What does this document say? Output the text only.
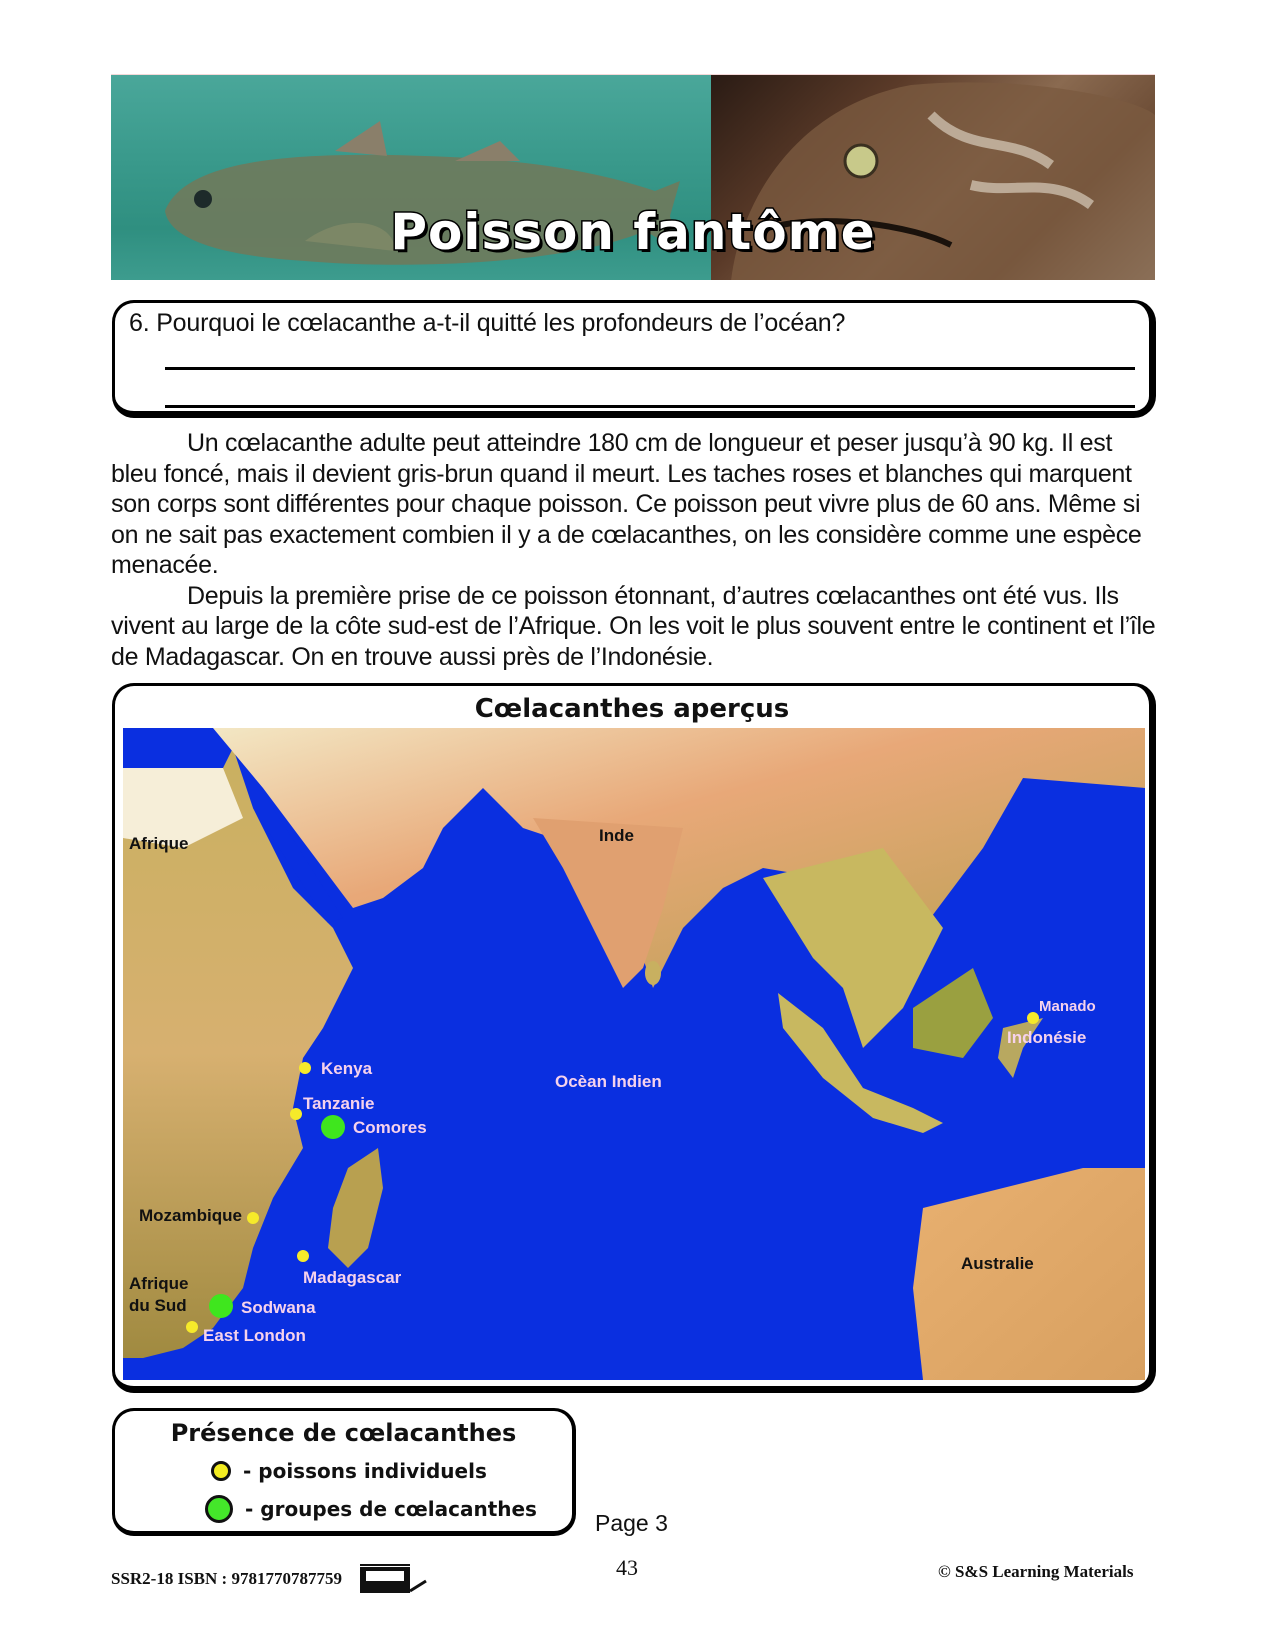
Poisson fantôme
6. Pourquoi le cœlacanthe a-t-il quitté les profondeurs de l’océan?

Un cœlacanthe adulte peut atteindre 180 cm de longueur et peser jusqu’à 90 kg. Il est bleu foncé, mais il devient gris-brun quand il meurt. Les taches roses et blanches qui marquent son corps sont différentes pour chaque poisson. Ce poisson peut vivre plus de 60 ans. Même si on ne sait pas exactement combien il y a de cœlacanthes, on les considère comme une espèce menacée.

Depuis la première prise de ce poisson étonnant, d’autres cœlacanthes ont été vus. Ils vivent au large de la côte sud-est de l’Afrique. On les voit le plus souvent entre le continent et l’île de Madagascar. On en trouve aussi près de l’Indonésie.

Cœlacanthes aperçus
Afrique	Inde
Ocèan Indien
Australie
Afrique
du Sud
Indonésie
Kenya
Tanzanie
Comores
Mozambique
Madagascar
Sodwana
East London
Manado
Présence de cœlacanthes
- poissons individuels
- groupes de cœlacanthes
Page 3
SSR2-18 ISBN : 9781770787759	43	© S&S Learning Materials
